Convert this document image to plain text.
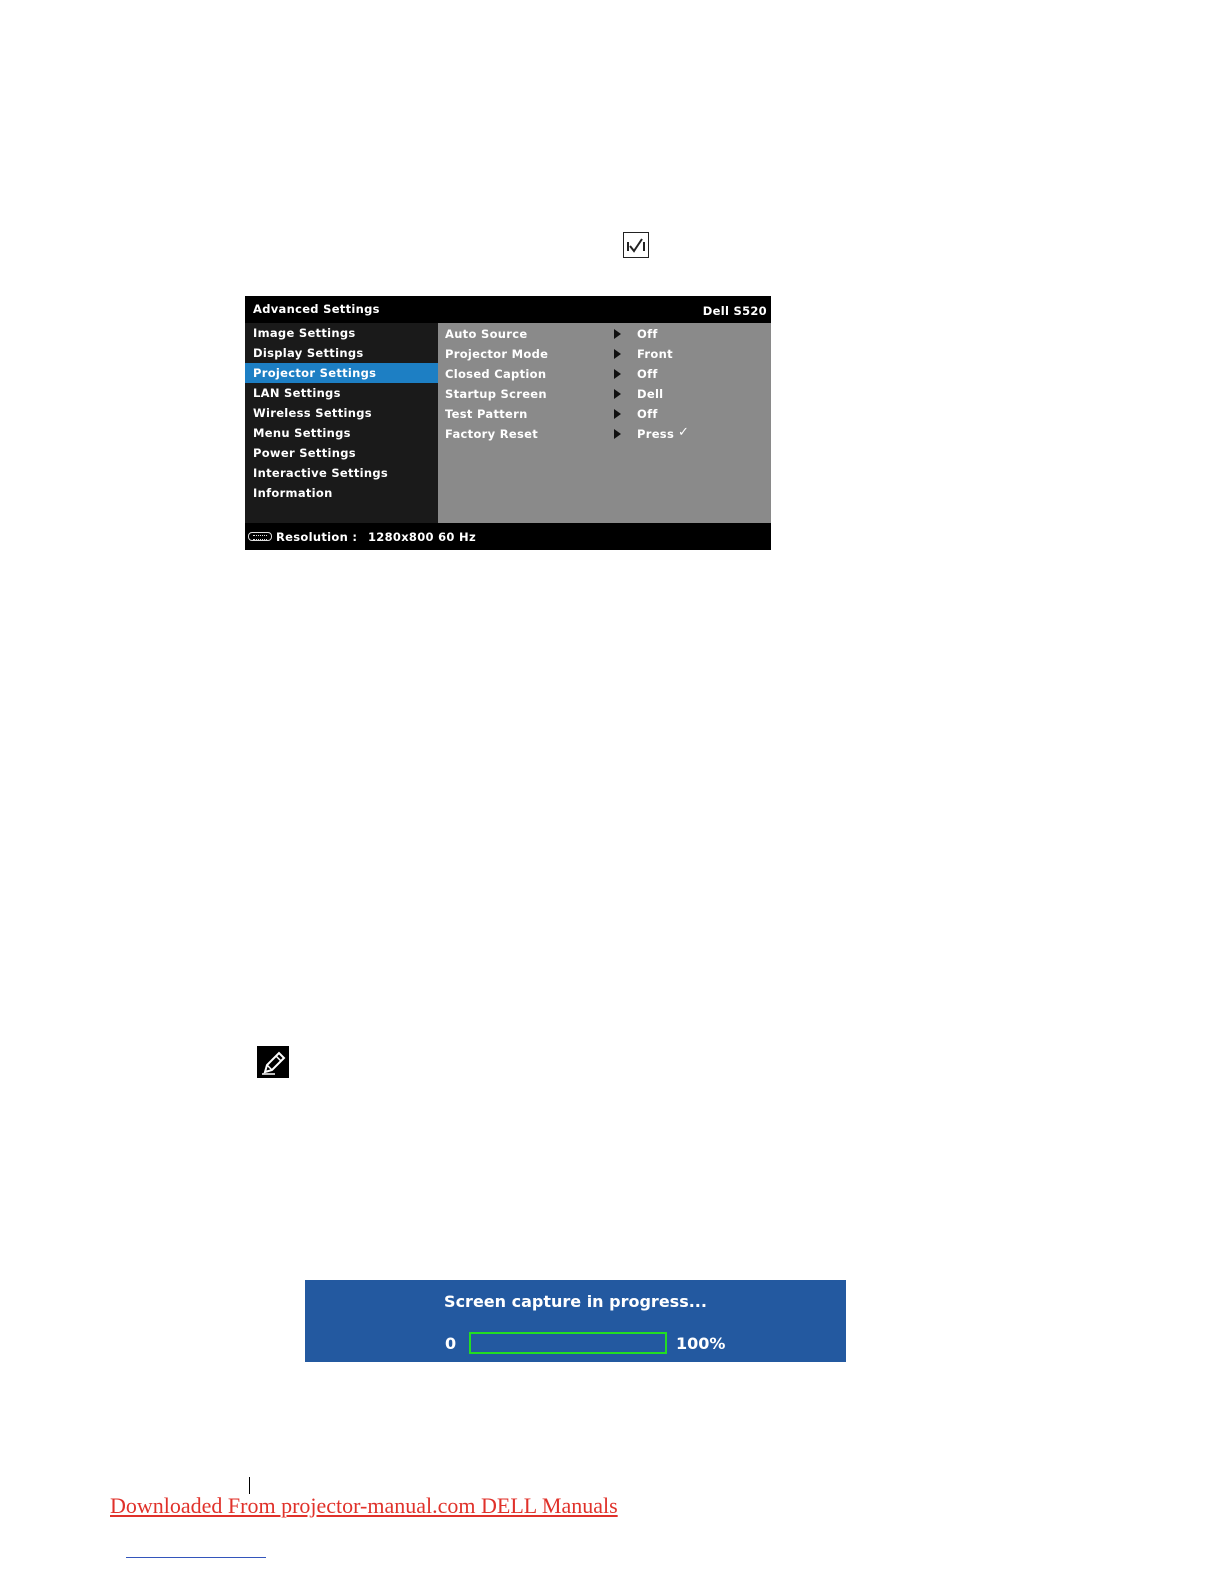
Advanced Settings	Dell S520
Image Settings
Display Settings
Projector Settings
LAN Settings
Wireless Settings
Menu Settings
Power Settings
Interactive Settings
Information
Auto Source	Off
Projector Mode	Front
Closed Caption	Off
Startup Screen	Dell
Test Pattern	Off
Factory Reset	Press ✓
Resolution : 1280x800 60 Hz
Screen capture in progress...
0	100%
Downloaded From projector-manual.com DELL Manuals
